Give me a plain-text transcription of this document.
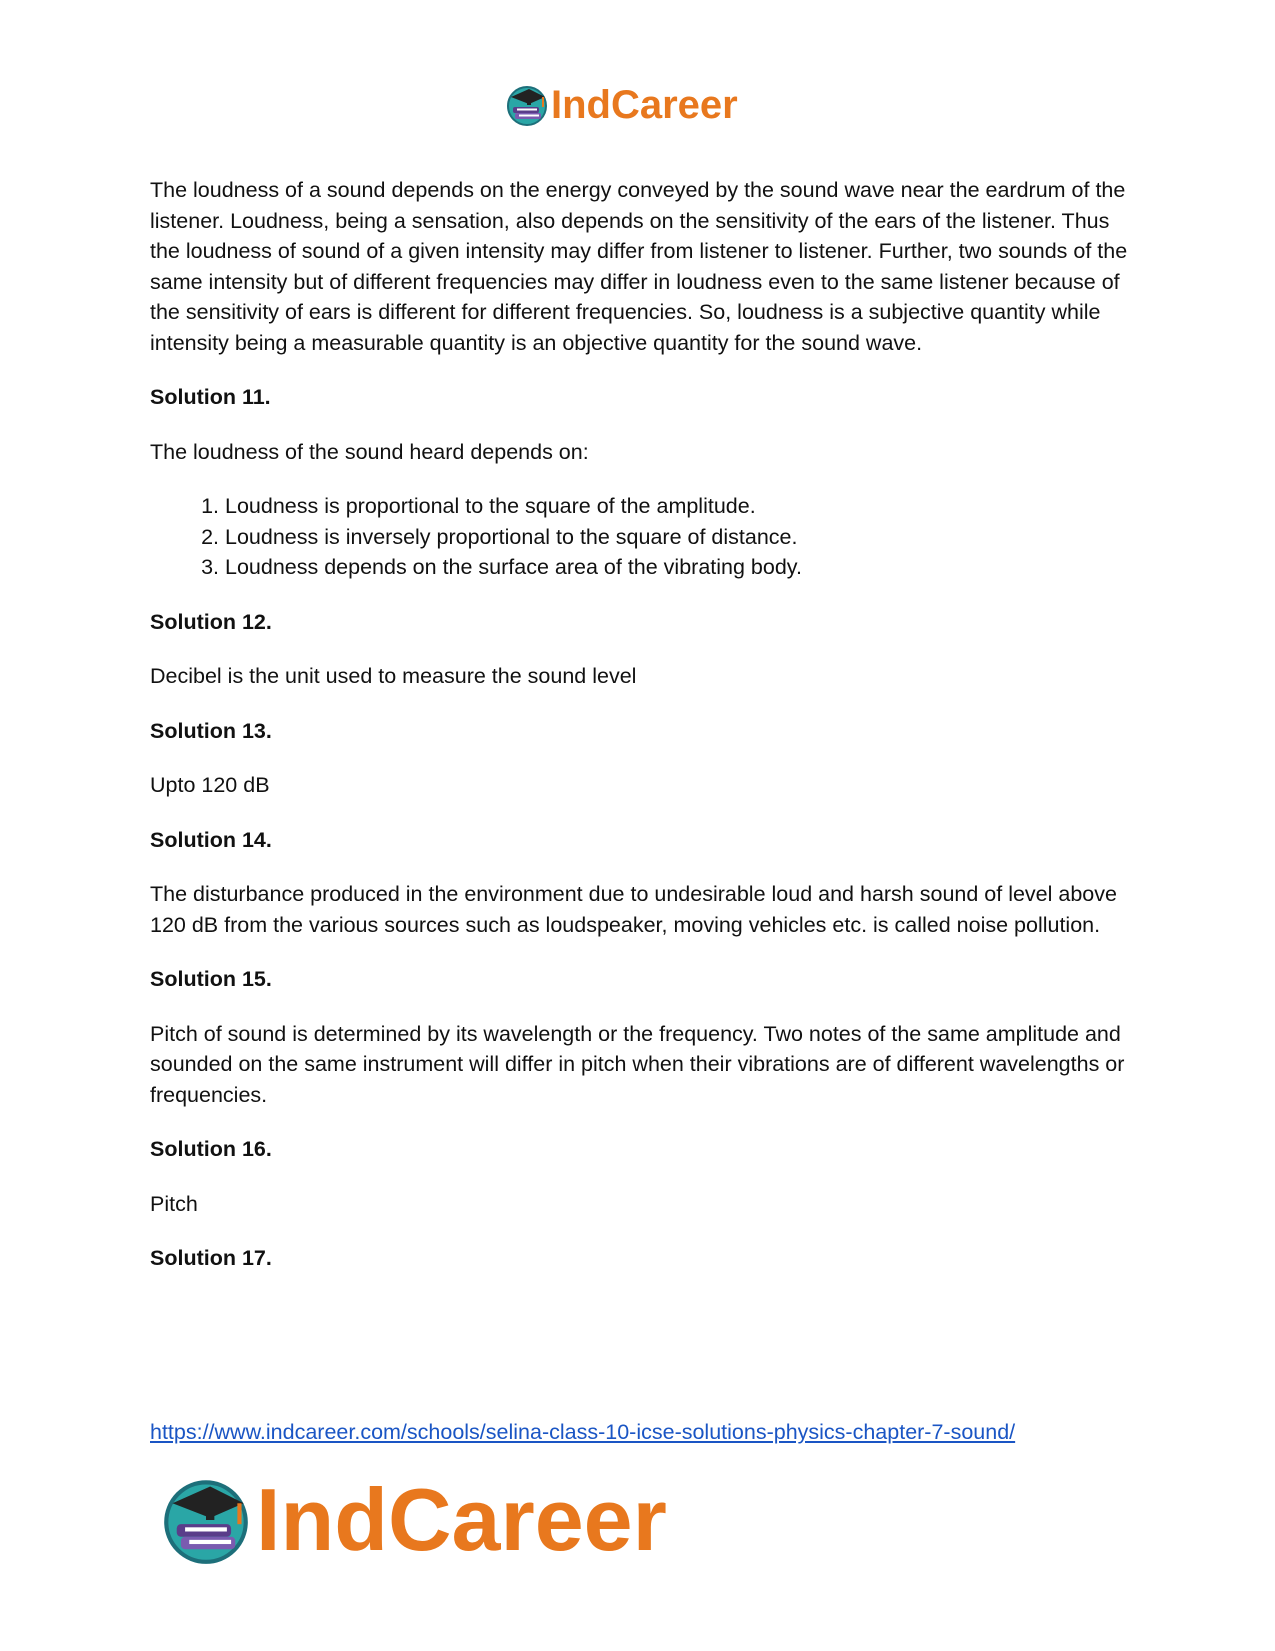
IndCareer

The loudness of a sound depends on the energy conveyed by the sound wave near the eardrum of the listener. Loudness, being a sensation, also depends on the sensitivity of the ears of the listener. Thus the loudness of sound of a given intensity may differ from listener to listener. Further, two sounds of the same intensity but of different frequencies may differ in loudness even to the same listener because of the sensitivity of ears is different for different frequencies. So, loudness is a subjective quantity while intensity being a measurable quantity is an objective quantity for the sound wave.

Solution 11.

The loudness of the sound heard depends on:

1. Loudness is proportional to the square of the amplitude.
2. Loudness is inversely proportional to the square of distance.
3. Loudness depends on the surface area of the vibrating body.

Solution 12.

Decibel is the unit used to measure the sound level

Solution 13.

Upto 120 dB

Solution 14.

The disturbance produced in the environment due to undesirable loud and harsh sound of level above 120 dB from the various sources such as loudspeaker, moving vehicles etc. is called noise pollution.

Solution 15.

Pitch of sound is determined by its wavelength or the frequency. Two notes of the same amplitude and sounded on the same instrument will differ in pitch when their vibrations are of different wavelengths or frequencies.

Solution 16.

Pitch

Solution 17.

https://www.indcareer.com/schools/selina-class-10-icse-solutions-physics-chapter-7-sound/
IndCareer
